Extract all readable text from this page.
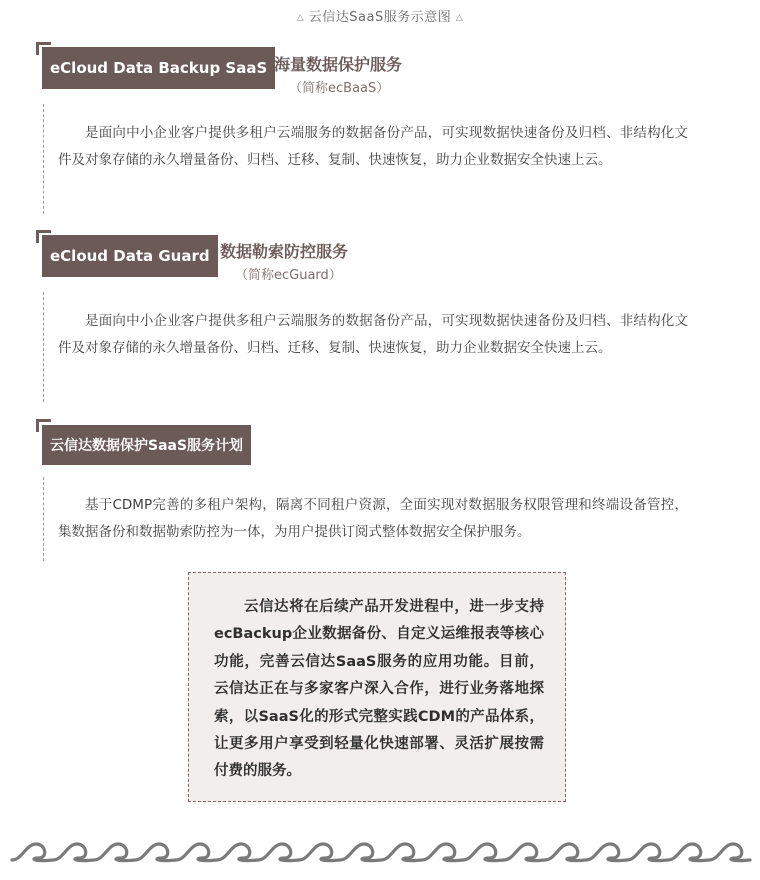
△ 云信达SaaS服务示意图 △
eCloud Data Backup SaaS 海量数据保护服务
（简称ecBaaS）
是面向中小企业客户提供多租户云端服务的数据备份产品，可实现数据快速备份及归档、非结构化文件及对象存储的永久增量备份、归档、迁移、复制、快速恢复，助力企业数据安全快速上云。
eCloud Data Guard 数据勒索防控服务
（简称ecGuard）
是面向中小企业客户提供多租户云端服务的数据备份产品，可实现数据快速备份及归档、非结构化文件及对象存储的永久增量备份、归档、迁移、复制、快速恢复，助力企业数据安全快速上云。
云信达数据保护SaaS服务计划
基于CDMP完善的多租户架构，隔离不同租户资源，全面实现对数据服务权限管理和终端设备管控，集数据备份和数据勒索防控为一体，为用户提供订阅式整体数据安全保护服务。

云信达将在后续产品开发进程中，进一步支持ecBackup企业数据备份、自定义运维报表等核心功能，完善云信达SaaS服务的应用功能。目前，云信达正在与多家客户深入合作，进行业务落地探索，以SaaS化的形式完整实践CDM的产品体系，让更多用户享受到轻量化快速部署、灵活扩展按需付费的服务。
